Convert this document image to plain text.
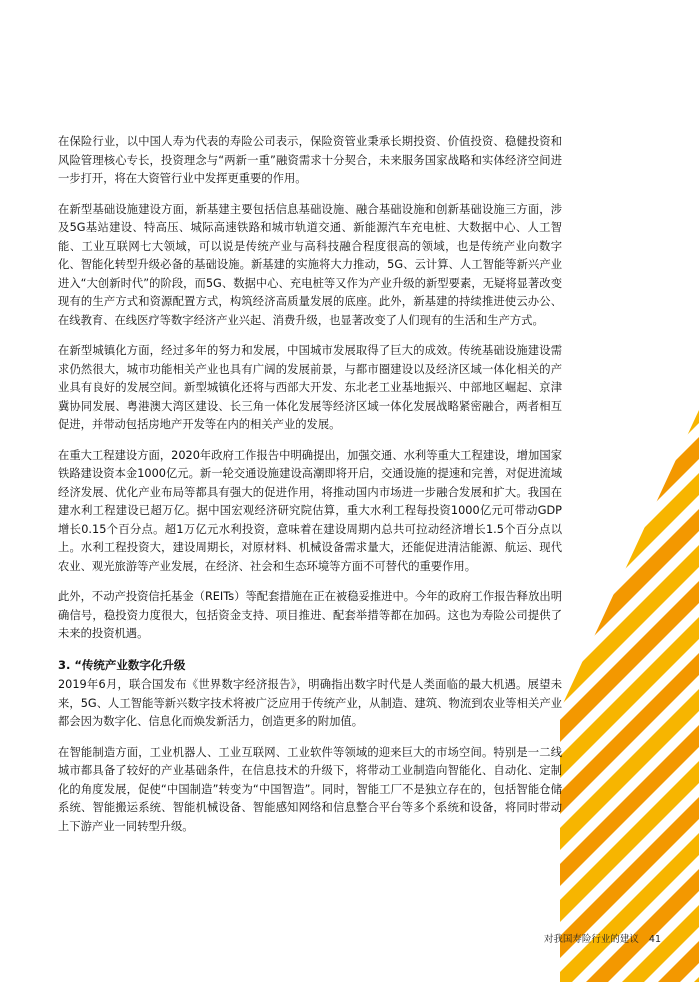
在保险行业，以中国人寿为代表的寿险公司表示，保险资管业秉承长期投资、价值投资、稳健投资和风险管理核心专长，投资理念与“两新一重”融资需求十分契合，未来服务国家战略和实体经济空间进一步打开，将在大资管行业中发挥更重要的作用。

在新型基础设施建设方面，新基建主要包括信息基础设施、融合基础设施和创新基础设施三方面，涉及5G基站建设、特高压、城际高速铁路和城市轨道交通、新能源汽车充电桩、大数据中心、人工智能、工业互联网七大领域，可以说是传统产业与高科技融合程度很高的领域，也是传统产业向数字化、智能化转型升级必备的基础设施。新基建的实施将大力推动，5G、云计算、人工智能等新兴产业进入“大创新时代”的阶段，而5G、数据中心、充电桩等又作为产业升级的新型要素，无疑将显著改变现有的生产方式和资源配置方式，构筑经济高质量发展的底座。此外，新基建的持续推进使云办公、在线教育、在线医疗等数字经济产业兴起、消费升级，也显著改变了人们现有的生活和生产方式。

在新型城镇化方面，经过多年的努力和发展，中国城市发展取得了巨大的成效。传统基础设施建设需求仍然很大，城市功能相关产业也具有广阔的发展前景，与都市圈建设以及经济区域一体化相关的产业具有良好的发展空间。新型城镇化还将与西部大开发、东北老工业基地振兴、中部地区崛起、京津冀协同发展、粤港澳大湾区建设、长三角一体化发展等经济区域一体化发展战略紧密融合，两者相互促进，并带动包括房地产开发等在内的相关产业的发展。

在重大工程建设方面，2020年政府工作报告中明确提出，加强交通、水利等重大工程建设，增加国家铁路建设资本金1000亿元。新一轮交通设施建设高潮即将开启，交通设施的提速和完善，对促进流域经济发展、优化产业布局等都具有强大的促进作用，将推动国内市场进一步融合发展和扩大。我国在建水利工程建设已超万亿。据中国宏观经济研究院估算，重大水利工程每投资1000亿元可带动GDP增长0.15个百分点。超1万亿元水利投资，意味着在建设周期内总共可拉动经济增长1.5个百分点以上。水利工程投资大，建设周期长，对原材料、机械设备需求量大，还能促进清洁能源、航运、现代农业、观光旅游等产业发展，在经济、社会和生态环境等方面不可替代的重要作用。

此外，不动产投资信托基金（REITs）等配套措施在正在被稳妥推进中。今年的政府工作报告释放出明确信号，稳投资力度很大，包括资金支持、项目推进、配套举措等都在加码。这也为寿险公司提供了未来的投资机遇。

3. “传统产业数字化升级

2019年6月，联合国发布《世界数字经济报告》，明确指出数字时代是人类面临的最大机遇。展望未来，5G、人工智能等新兴数字技术将被广泛应用于传统产业，从制造、建筑、物流到农业等相关产业都会因为数字化、信息化而焕发新活力，创造更多的附加值。

在智能制造方面，工业机器人、工业互联网、工业软件等领域的迎来巨大的市场空间。特别是一二线城市都具备了较好的产业基础条件，在信息技术的升级下，将带动工业制造向智能化、自动化、定制化的角度发展，促使“中国制造”转变为“中国智造”。同时，智能工厂不是独立存在的，包括智能仓储系统、智能搬运系统、智能机械设备、智能感知网络和信息整合平台等多个系统和设备，将同时带动上下游产业一同转型升级。

对我国寿险行业的建议 41
